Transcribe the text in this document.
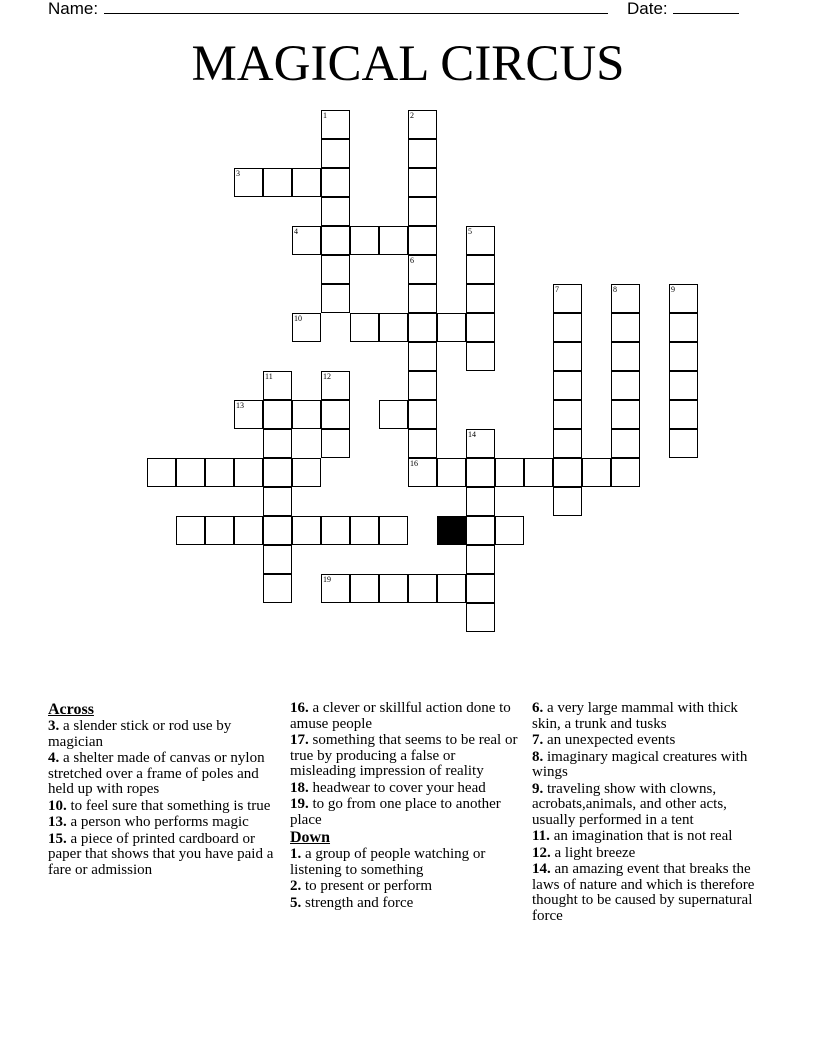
Name:	Date:
MAGICAL CIRCUS
1
3
4
2
5
6
16
10
7	8	9
11	12
13
14
18
19
Across
3. a slender stick or rod use by magician
4. a shelter made of canvas or nylon stretched over a frame of poles and held up with ropes
10. to feel sure that something is true
13. a person who performs magic
15. a piece of printed cardboard or paper that shows that you have paid a fare or admission
16. a clever or skillful action done to amuse people
17. something that seems to be real or true by producing a false or misleading impression of reality
18. headwear to cover your head
19. to go from one place to another place
Down
1. a group of people watching or listening to something
2. to present or perform
5. strength and force
6. a very large mammal with thick skin, a trunk and tusks
7. an unexpected events
8. imaginary magical creatures with wings
9. traveling show with clowns, acrobats,animals, and other acts, usually performed in a tent
11. an imagination that is not real
12. a light breeze
14. an amazing event that breaks the laws of nature and which is therefore thought to be caused by supernatural force
